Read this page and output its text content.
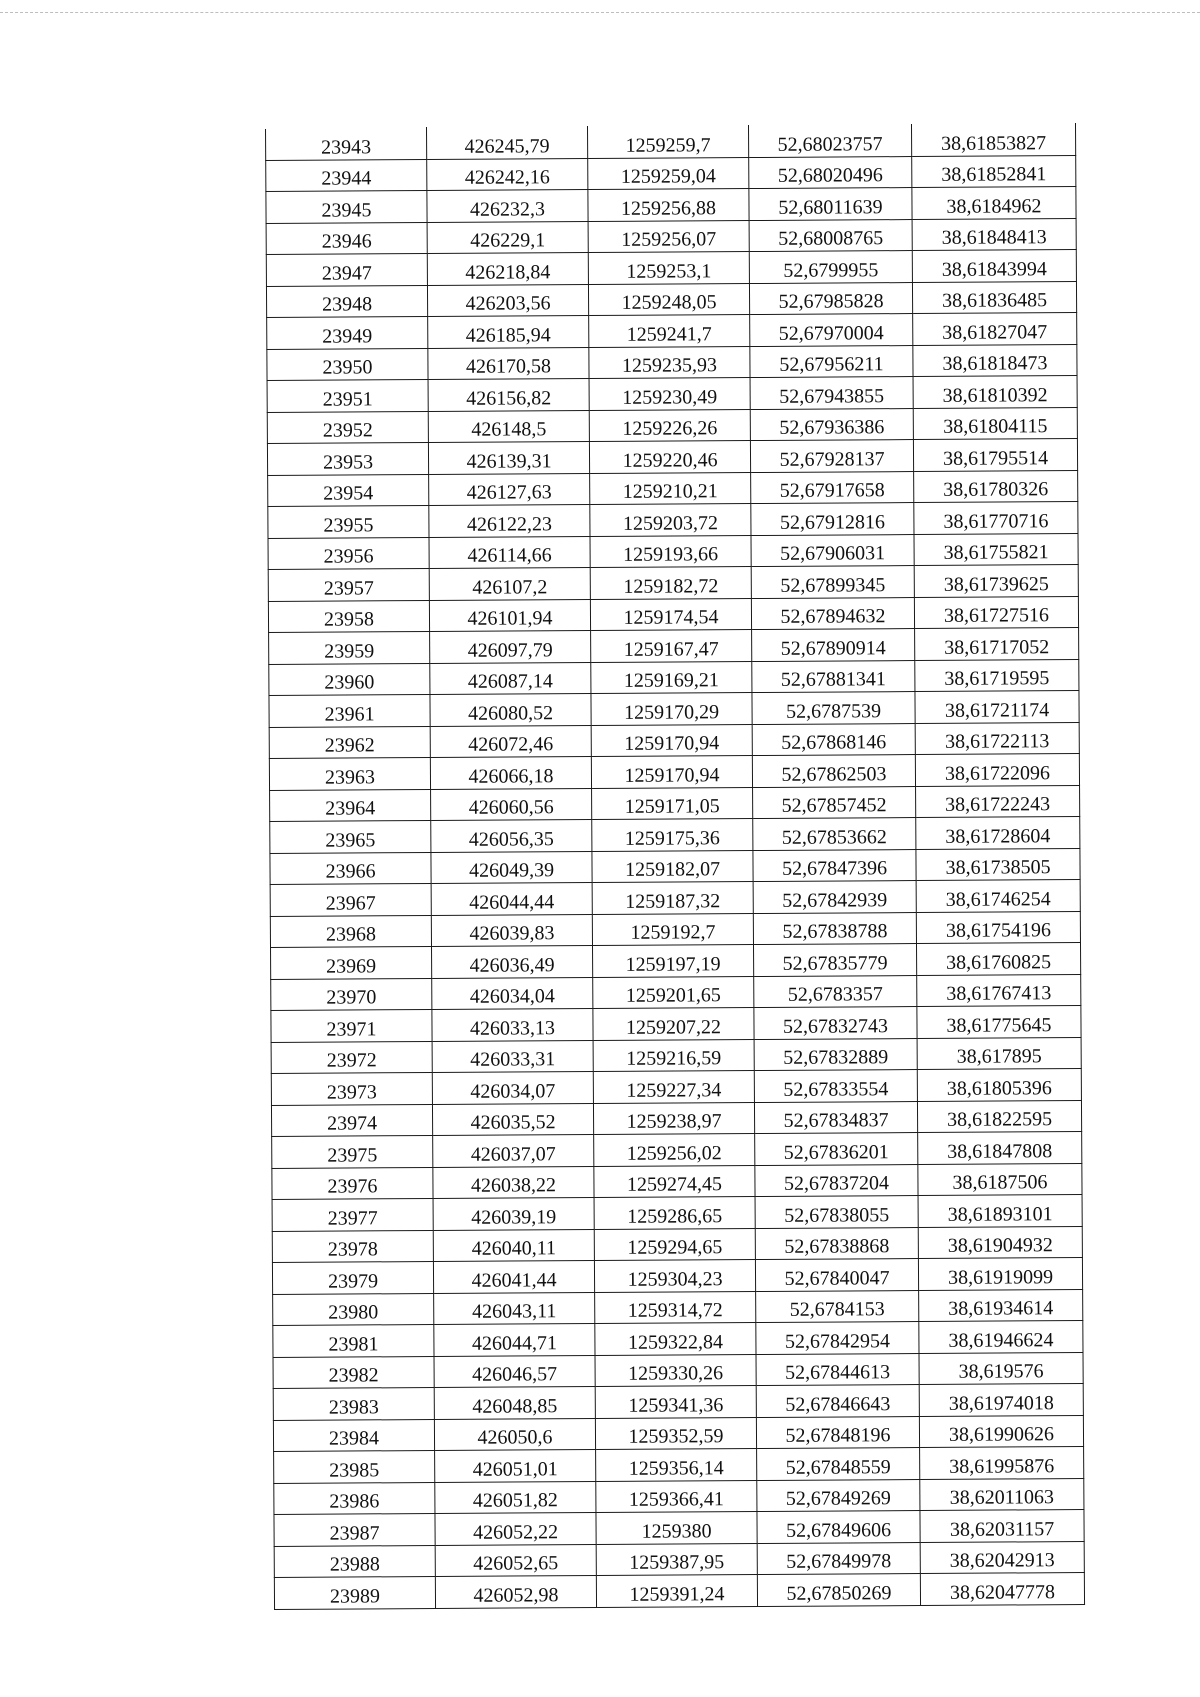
23943	426245,79	1259259,7	52,68023757	38,61853827
23944	426242,16	1259259,04	52,68020496	38,61852841
23945	426232,3	1259256,88	52,68011639	38,6184962
23946	426229,1	1259256,07	52,68008765	38,61848413
23947	426218,84	1259253,1	52,6799955	38,61843994
23948	426203,56	1259248,05	52,67985828	38,61836485
23949	426185,94	1259241,7	52,67970004	38,61827047
23950	426170,58	1259235,93	52,67956211	38,61818473
23951	426156,82	1259230,49	52,67943855	38,61810392
23952	426148,5	1259226,26	52,67936386	38,61804115
23953	426139,31	1259220,46	52,67928137	38,61795514
23954	426127,63	1259210,21	52,67917658	38,61780326
23955	426122,23	1259203,72	52,67912816	38,61770716
23956	426114,66	1259193,66	52,67906031	38,61755821
23957	426107,2	1259182,72	52,67899345	38,61739625
23958	426101,94	1259174,54	52,67894632	38,61727516
23959	426097,79	1259167,47	52,67890914	38,61717052
23960	426087,14	1259169,21	52,67881341	38,61719595
23961	426080,52	1259170,29	52,6787539	38,61721174
23962	426072,46	1259170,94	52,67868146	38,61722113
23963	426066,18	1259170,94	52,67862503	38,61722096
23964	426060,56	1259171,05	52,67857452	38,61722243
23965	426056,35	1259175,36	52,67853662	38,61728604
23966	426049,39	1259182,07	52,67847396	38,61738505
23967	426044,44	1259187,32	52,67842939	38,61746254
23968	426039,83	1259192,7	52,67838788	38,61754196
23969	426036,49	1259197,19	52,67835779	38,61760825
23970	426034,04	1259201,65	52,6783357	38,61767413
23971	426033,13	1259207,22	52,67832743	38,61775645
23972	426033,31	1259216,59	52,67832889	38,617895
23973	426034,07	1259227,34	52,67833554	38,61805396
23974	426035,52	1259238,97	52,67834837	38,61822595
23975	426037,07	1259256,02	52,67836201	38,61847808
23976	426038,22	1259274,45	52,67837204	38,6187506
23977	426039,19	1259286,65	52,67838055	38,61893101
23978	426040,11	1259294,65	52,67838868	38,61904932
23979	426041,44	1259304,23	52,67840047	38,61919099
23980	426043,11	1259314,72	52,6784153	38,61934614
23981	426044,71	1259322,84	52,67842954	38,61946624
23982	426046,57	1259330,26	52,67844613	38,619576
23983	426048,85	1259341,36	52,67846643	38,61974018
23984	426050,6	1259352,59	52,67848196	38,61990626
23985	426051,01	1259356,14	52,67848559	38,61995876
23986	426051,82	1259366,41	52,67849269	38,62011063
23987	426052,22	1259380	52,67849606	38,62031157
23988	426052,65	1259387,95	52,67849978	38,62042913
23989	426052,98	1259391,24	52,67850269	38,62047778
